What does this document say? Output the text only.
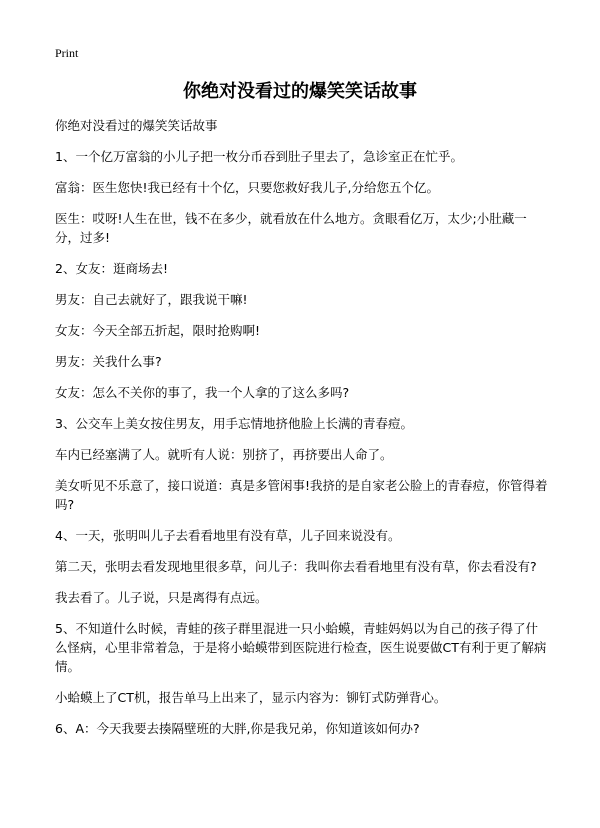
Print
你绝对没看过的爆笑笑话故事

你绝对没看过的爆笑笑话故事

1、一个亿万富翁的小儿子把一枚分币吞到肚子里去了，急诊室正在忙乎。

富翁：医生您快!我已经有十个亿，只要您救好我儿子,分给您五个亿。

医生：哎呀!人生在世，钱不在多少，就看放在什么地方。贪眼看亿万，太少;小肚藏一分，过多!

2、女友：逛商场去!

男友：自己去就好了，跟我说干嘛!

女友：今天全部五折起，限时抢购啊!

男友：关我什么事?

女友：怎么不关你的事了，我一个人拿的了这么多吗?

3、公交车上美女按住男友，用手忘情地挤他脸上长满的青春痘。

车内已经塞满了人。就听有人说：别挤了，再挤要出人命了。

美女听见不乐意了，接口说道：真是多管闲事!我挤的是自家老公脸上的青春痘，你管得着吗?

4、一天，张明叫儿子去看看地里有没有草，儿子回来说没有。

第二天，张明去看发现地里很多草，问儿子：我叫你去看看地里有没有草，你去看没有?

我去看了。儿子说，只是离得有点远。

5、不知道什么时候，青蛙的孩子群里混进一只小蛤蟆，青蛙妈妈以为自己的孩子得了什么怪病，心里非常着急，于是将小蛤蟆带到医院进行检查，医生说要做CT有利于更了解病情。

小蛤蟆上了CT机，报告单马上出来了，显示内容为：铆钉式防弹背心。

6、A：今天我要去揍隔壁班的大胖,你是我兄弟，你知道该如何办?
